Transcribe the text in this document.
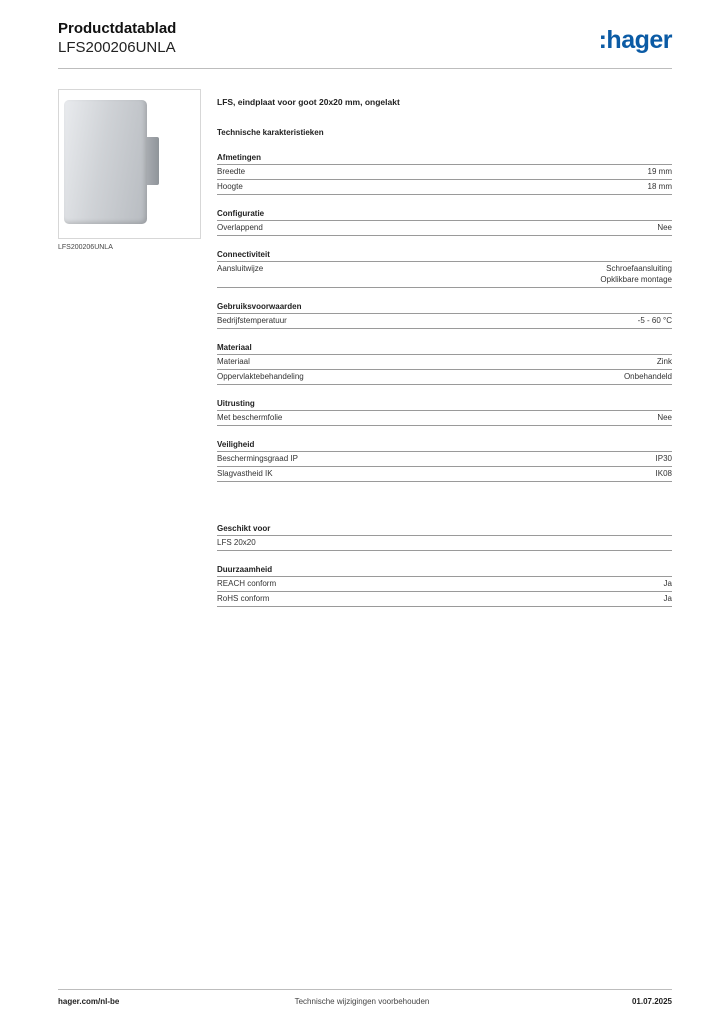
Productdatablad
LFS200206UNLA	:hager
LFS200206UNLA
LFS, eindplaat voor goot 20x20 mm, ongelakt
Technische karakteristieken
Afmetingen
Breedte	19 mm
Hoogte	18 mm
Configuratie
Overlappend	Nee
Connectiviteit
Aansluitwijze	Schroefaansluiting
Opklikbare montage
Gebruiksvoorwaarden
Bedrijfstemperatuur	-5 - 60 °C
Materiaal
Materiaal	Zink
Oppervlaktebehandeling	Onbehandeld
Uitrusting
Met beschermfolie	Nee
Veiligheid
Beschermingsgraad IP	IP30
Slagvastheid IK	IK08
Geschikt voor
LFS 20x20
Duurzaamheid
REACH conform	Ja
RoHS conform	Ja
hager.com/nl-be	Technische wijzigingen voorbehouden	01.07.2025
